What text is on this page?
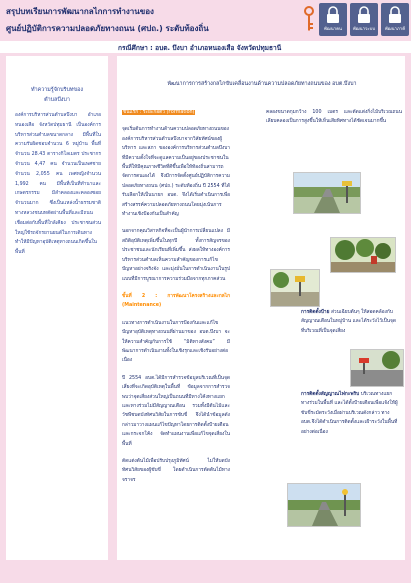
สรุปบทเรียนการพัฒนากลไกการทำงานของ
ศูนย์ปฏิบัติการความปลอดภัยทางถนน (ศปถ.) ระดับท้องถิ่น	พัฒนาคน	พัฒนาระบบ	พัฒนาภาคี
กรณีศึกษา : อบต. บึงบา อำเภอหนองเสือ จังหวัดปทุมธานี
ทำความรู้จักบริบทของ
ตำบลบึงบา
องค์การบริหารส่วนตำบลบึงบา อำเภอหนองเสือ จังหวัดปทุมธานี เป็นองค์การบริหารส่วนตำบลขนาดกลาง มีพื้นที่ในความรับผิดชอบจำนวน 6 หมู่บ้าน พื้นที่จำนวน 28.43 ตารางกิโลเมตร ประชากรจำนวน 4,47 คน จำนวนเป็นเพศชาย จำนวน 2,055 คน เพศหญิงจำนวน 1,992 คน มีพื้นที่เป็นที่ทำนาและเกษตรกรรม มีลำคลองและคลองซอยจำนวนมาก ซึ่งเป็นแหล่งน้ำธรรมชาติ ทางหลวงชนบทตัดผ่านพื้นที่และมีถนนเชื่อมต่อกับพื้นที่ใกล้เคียง ประชาชนส่วนใหญ่ใช้รถจักรยานยนต์ในการเดินทาง ทำให้มีปัญหาอุบัติเหตุทางถนนเกิดขึ้นในพื้นที่
พัฒนาการการสร้างกลไกขับเคลื่อนงานด้านความปลอดภัยทางถนนของ อบต.บึงบา

ขั้นแรก : ระยะก่อตัว (Formation)

จุดเริ่มต้นการทำงานด้านความปลอดภัยทางถนนขององค์การบริหารส่วนตำบลบึงบาจากวิสัยทัศน์ของผู้บริหาร และสภา ขององค์การบริหารส่วนตำบลบึงบา ที่มีความตั้งใจที่จะดูแลความเป็นอยู่ของประชาชนในพื้นที่ให้มีคุณภาพชีวิตที่ดีขึ้นเพื่อให้ท้องถิ่นสามารถจัดการตนเองได้ จึงมีการจัดตั้งศูนย์ปฏิบัติการความปลอดภัยทางถนน (ศปถ.) ระดับท้องถิ่น ปี 2554 ที่ได้รับเลือกให้เป็นนายก อบต. จึงได้เริ่มดำเนินการเพื่อสร้างสรรค์ความปลอดภัยทางถนนโดยมุ่งเน้นการทำงานเชิงป้องกันเป็นสำคัญ

นอกจากคุณวิสาหกิจที่จะเป็นผู้นำการเปลี่ยนแปลง มีสถิติอุบัติเหตุเพิ่มขึ้นในทุกปี ทั้งการสัญจรของประชาชนและนักเรียนที่เพิ่มขึ้น ส่งผลให้ทางองค์การบริหารส่วนตำบลเห็นความสำคัญของการแก้ไขปัญหาอย่างจริงจัง และมุ่งมั่นในการดำเนินงานในรูปแบบที่มีการบูรณาการความร่วมมือจากทุกภาคส่วน

ขั้นที่ 2 : การพัฒนาโครงสร้างและกลไก (Maintenance)

แนวทางการดำเนินงานในการป้องกันและแก้ไขปัญหาอุบัติเหตุทางถนนที่ผ่านมาของ อบต.บึงบา จะให้ความสำคัญกับการใช้ “มิติทางสังคม” มีพัฒนาการดำเนินงานทั้งในเชิงรุกและเชิงรับอย่างต่อเนื่อง

ปี 2554 อบต.ได้มีการสำรวจข้อมูลบริเวณที่เป็นจุดเสี่ยงที่จะเกิดอุบัติเหตุในพื้นที่ ข้อมูลจากการสำรวจพบว่าจุดเสี่ยงส่วนใหญ่เป็นถนนที่มีทางโค้งทางแยก และทางร่วมไม่มีสัญญาณเตือน รวมทั้งมีต้นไม้และวัชพืชบดบังทัศนวิสัยในการขับขี่ จึงได้นำข้อมูลดังกล่าวมาวางแผนแก้ไขปัญหาโดยการติดตั้งป้ายเตือนและกระจกโค้ง จัดทำแผนงานเพื่อแก้ไขจุดเสี่ยงในพื้นที่

ตัดแต่งต้นไม้เพื่อปรับปรุงภูมิทัศน์ ไม่ให้บดบังทัศนวิสัยของผู้ขับขี่ โดยดำเนินการตัดต้นไม้ทางจราจร

คลองขนาดกุมกว้าง 100 เมตร และตัดแต่งกิ่งไม้บริเวณถนนเลียบคลองเป็นการสูงขึ้นให้เห็นเสียทิศทางได้ชัดเจนมากขึ้น

การติดตั้งป้าย ส่วนเฉียบต้นๆ ให้สอดคล้องกับสัญญาณเตือนในหมู่บ้าน และได้ระวังไว้เป็นจุดที่บริเวณที่เป็นจุดเสี่ยง
การติดตั้งสัญญาณไฟกะพริบ บริเวณทางแยกทางร่วมในพื้นที่ และได้ตั้งป้ายเตือนเพื่อแจ้งให้ผู้ขับขี่ระมัดระวังเมื่อผ่านบริเวณดังกล่าว ทาง อบต.จึงได้ดำเนินการติดตั้งและเฝ้าระวังในพื้นที่อย่างต่อเนื่อง
